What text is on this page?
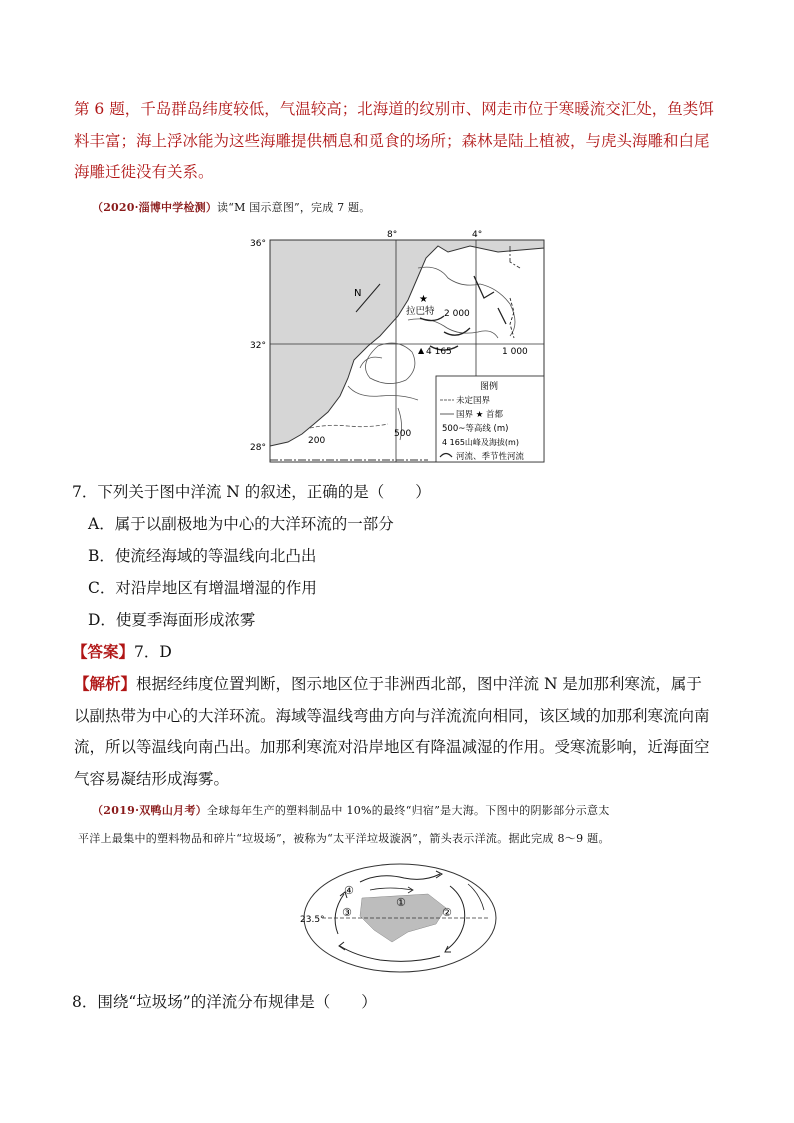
第 6 题，千岛群岛纬度较低，气温较高；北海道的纹别市、网走市位于寒暖流交汇处，鱼类饵
料丰富；海上浮冰能为这些海雕提供栖息和觅食的场所；森林是陆上植被，与虎头海雕和白尾
海雕迁徙没有关系。
（2020·淄博中学检测）读“M 国示意图”，完成 7 题。
8°	4°
36°
32°
28°
N
★
拉巴特 2 000
1 000
500
200
▲ 4 165
图例
未定国界
国界 ★ 首都
500~等高线 (m)
4 165山峰及海拔(m)
河流、季节性河流
7．下列关于图中洋流 N 的叙述，正确的是（　　）
A．属于以副极地为中心的大洋环流的一部分
B．使流经海域的等温线向北凸出
C．对沿岸地区有增温增湿的作用
D．使夏季海面形成浓雾
【答案】7．D
【解析】根据经纬度位置判断，图示地区位于非洲西北部，图中洋流 N 是加那利寒流，属于
以副热带为中心的大洋环流。海域等温线弯曲方向与洋流流向相同，该区域的加那利寒流向南
流，所以等温线向南凸出。加那利寒流对沿岸地区有降温减湿的作用。受寒流影响，近海面空
气容易凝结形成海雾。
（2019·双鸭山月考）全球每年生产的塑料制品中 10%的最终“归宿”是大海。下图中的阴影部分示意太
平洋上最集中的塑料物品和碎片“垃圾场”，被称为“太平洋垃圾漩涡”，箭头表示洋流。据此完成 8～9 题。
23.5°
①
②
③
④
8．围绕“垃圾场”的洋流分布规律是（　　）
